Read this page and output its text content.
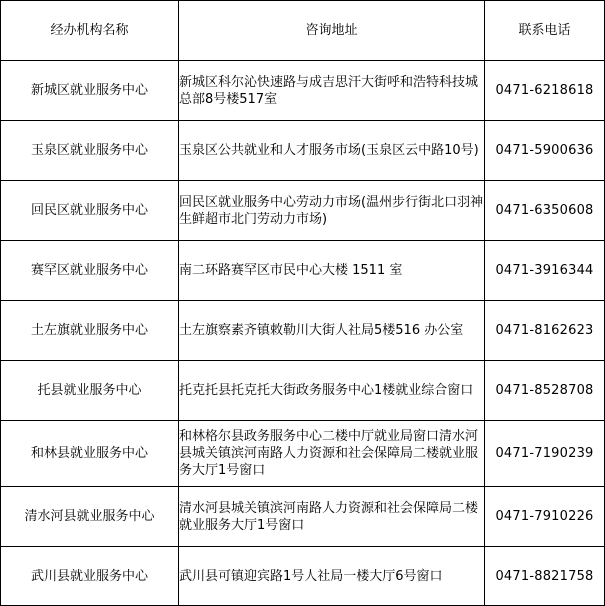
经办机构名称	咨询地址	联系电话
新城区就业服务中心	新城区科尔沁快速路与成吉思汗大街呼和浩特科技城总部8号楼517室	0471-6218618
玉泉区就业服务中心	玉泉区公共就业和人才服务市场(玉泉区云中路10号)	0471-5900636
回民区就业服务中心	回民区就业服务中心劳动力市场(温州步行街北口羽神生鲜超市北门劳动力市场)	0471-6350608
赛罕区就业服务中心	南二环路赛罕区市民中心大楼 1511 室	0471-3916344
土左旗就业服务中心	土左旗察素齐镇敕勒川大街人社局5楼516 办公室	0471-8162623
托县就业服务中心	托克托县托克托大街政务服务中心1楼就业综合窗口	0471-8528708
和林县就业服务中心	和林格尔县政务服务中心二楼中厅就业局窗口清水河县城关镇滨河南路人力资源和社会保障局二楼就业服务大厅1号窗口	0471-7190239
清水河县就业服务中心	清水河县城关镇滨河南路人力资源和社会保障局二楼就业服务大厅1号窗口	0471-7910226
武川县就业服务中心	武川县可镇迎宾路1号人社局一楼大厅6号窗口	0471-8821758
